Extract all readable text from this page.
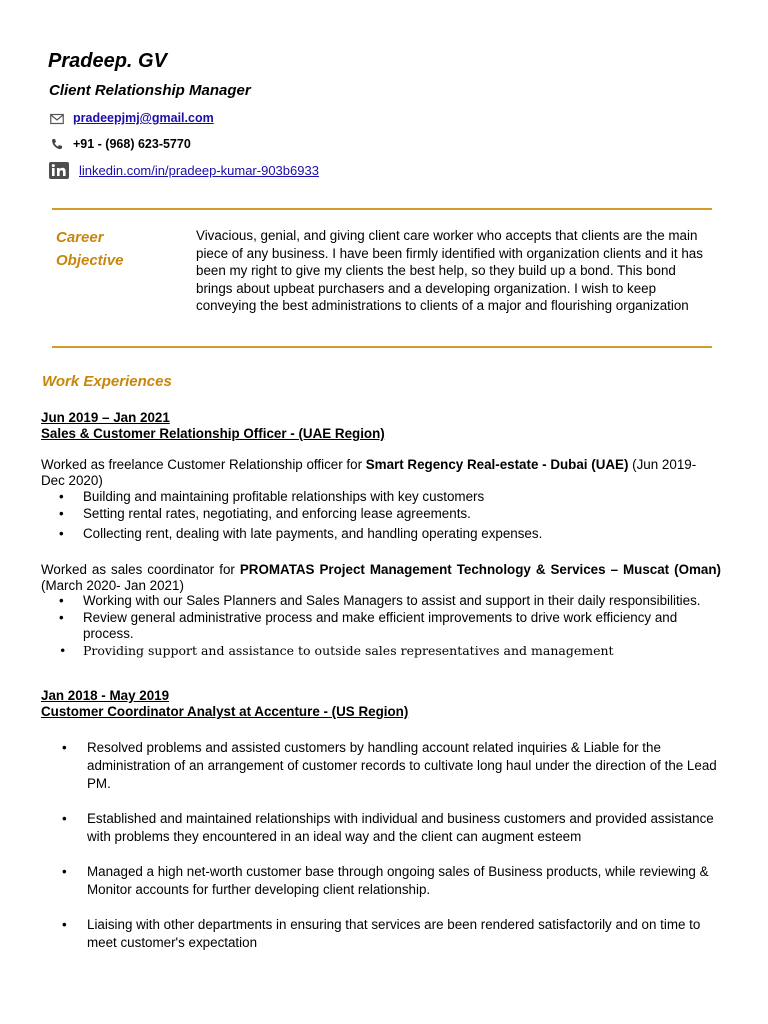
Pradeep. GV
Client Relationship Manager
pradeepjmj@gmail.com
+91 - (968) 623-5770
linkedin.com/in/pradeep-kumar-903b6933
Career
Objective
Vivacious, genial, and giving client care worker who accepts that clients are the main piece of any business. I have been firmly identified with organization clients and it has been my right to give my clients the best help, so they build up a bond. This bond brings about upbeat purchasers and a developing organization. I wish to keep conveying the best administrations to clients of a major and flourishing organization
Work Experiences
Jun 2019 – Jan 2021
Sales & Customer Relationship Officer - (UAE Region)
Worked as freelance Customer Relationship officer for Smart Regency Real-estate - Dubai (UAE) (Jun 2019- Dec 2020)
• Building and maintaining profitable relationships with key customers
• Setting rental rates, negotiating, and enforcing lease agreements.
• Collecting rent, dealing with late payments, and handling operating expenses.
Worked as sales coordinator for PROMATAS Project Management Technology & Services – Muscat (Oman) (March 2020- Jan 2021)
• Working with our Sales Planners and Sales Managers to assist and support in their daily responsibilities.
• Review general administrative process and make efficient improvements to drive work efficiency and process.
• Providing support and assistance to outside sales representatives and management
Jan 2018 - May 2019
Customer Coordinator Analyst at Accenture - (US Region)
• Resolved problems and assisted customers by handling account related inquiries & Liable for the administration of an arrangement of customer records to cultivate long haul under the direction of the Lead PM.
• Established and maintained relationships with individual and business customers and provided assistance with problems they encountered in an ideal way and the client can augment esteem
• Managed a high net-worth customer base through ongoing sales of Business products, while reviewing & Monitor accounts for further developing client relationship.
• Liaising with other departments in ensuring that services are been rendered satisfactorily and on time to meet customer's expectation
